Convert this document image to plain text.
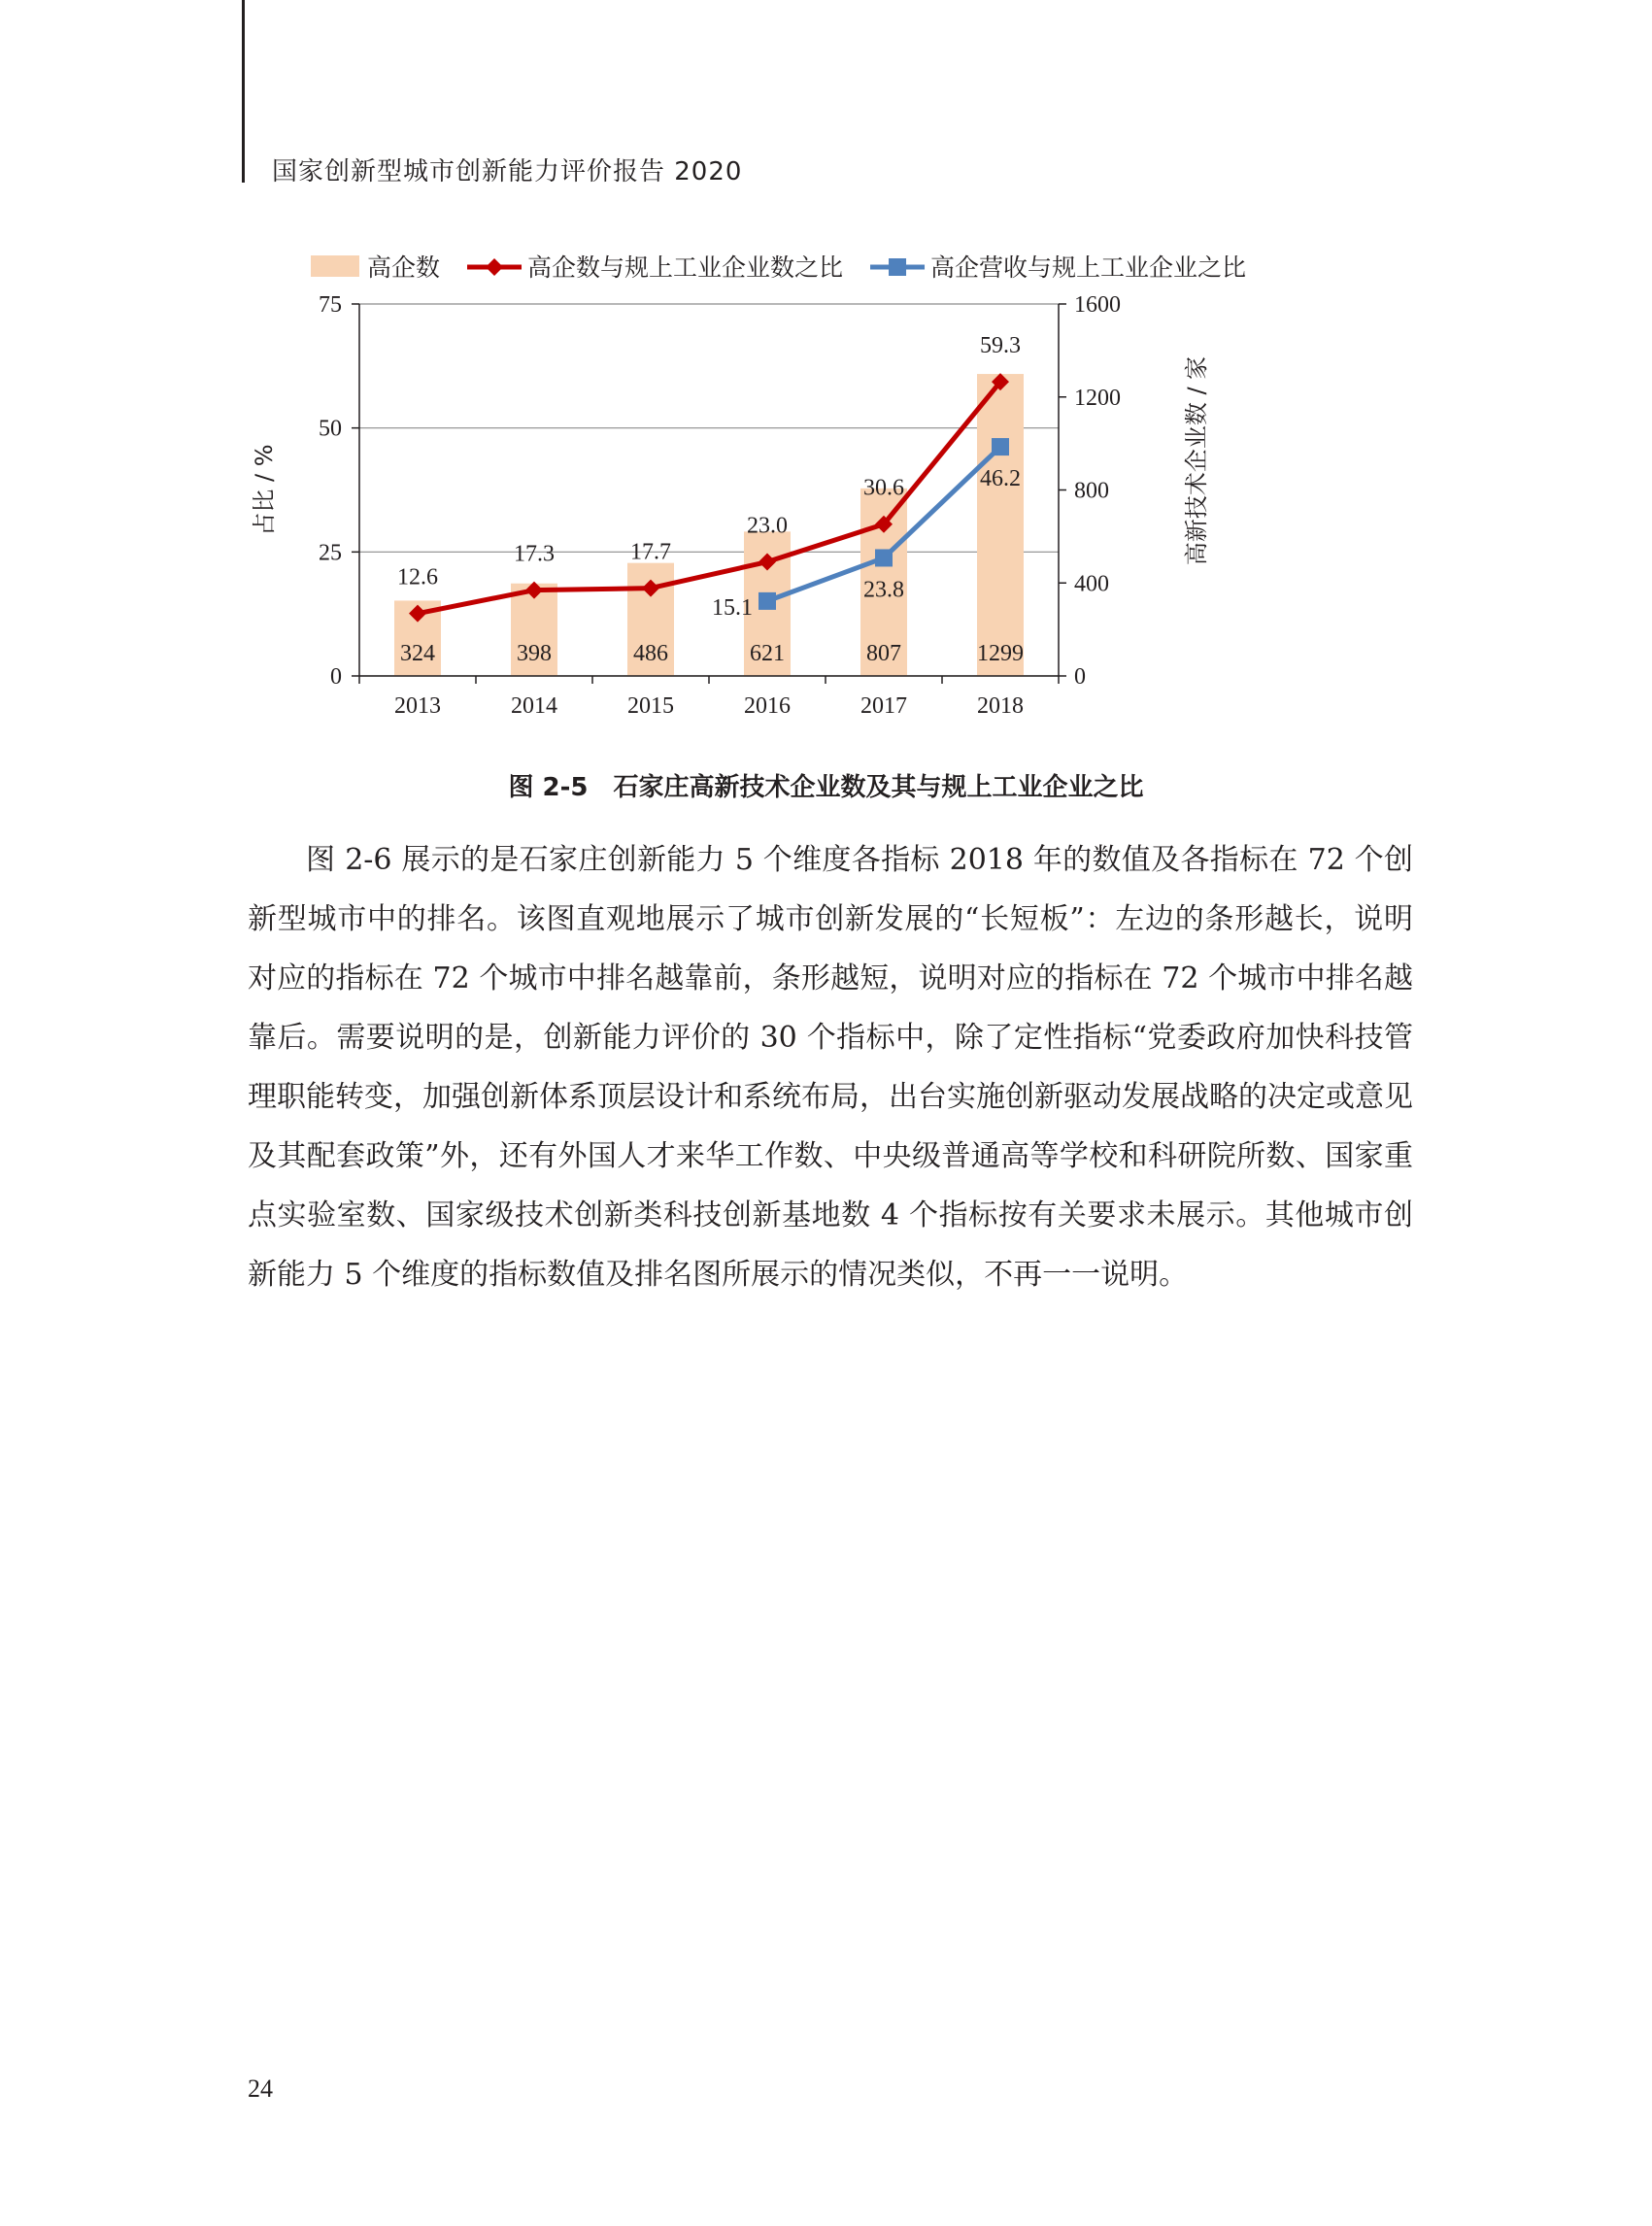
国家创新型城市创新能力评价报告 2020
高企数	高企数与规上工业企业数之比	高企营收与规上工业企业之比
324	398	486	621	807	1299
12.6
17.3	17.7
23.0
30.6
59.3
15.1
23.8
46.2
0
25
50
75
0
400
800
1200
1600
2013	2014	2015	2016	2017	2018
占比 / %	高新技术企业数 / 家
图 2-5　石家庄高新技术企业数及其与规上工业企业之比

图 2-6 展示的是石家庄创新能力 5 个维度各指标 2018 年的数值及各指标在 72 个创新型城市中的排名。该图直观地展示了城市创新发展的“长短板”：左边的条形越长，说明对应的指标在 72 个城市中排名越靠前，条形越短，说明对应的指标在 72 个城市中排名越靠后。需要说明的是，创新能力评价的 30 个指标中，除了定性指标“党委政府加快科技管理职能转变，加强创新体系顶层设计和系统布局，出台实施创新驱动发展战略的决定或意见及其配套政策”外，还有外国人才来华工作数、中央级普通高等学校和科研院所数、国家重点实验室数、国家级技术创新类科技创新基地数 4 个指标按有关要求未展示。其他城市创新能力 5 个维度的指标数值及排名图所展示的情况类似，不再一一说明。

24
